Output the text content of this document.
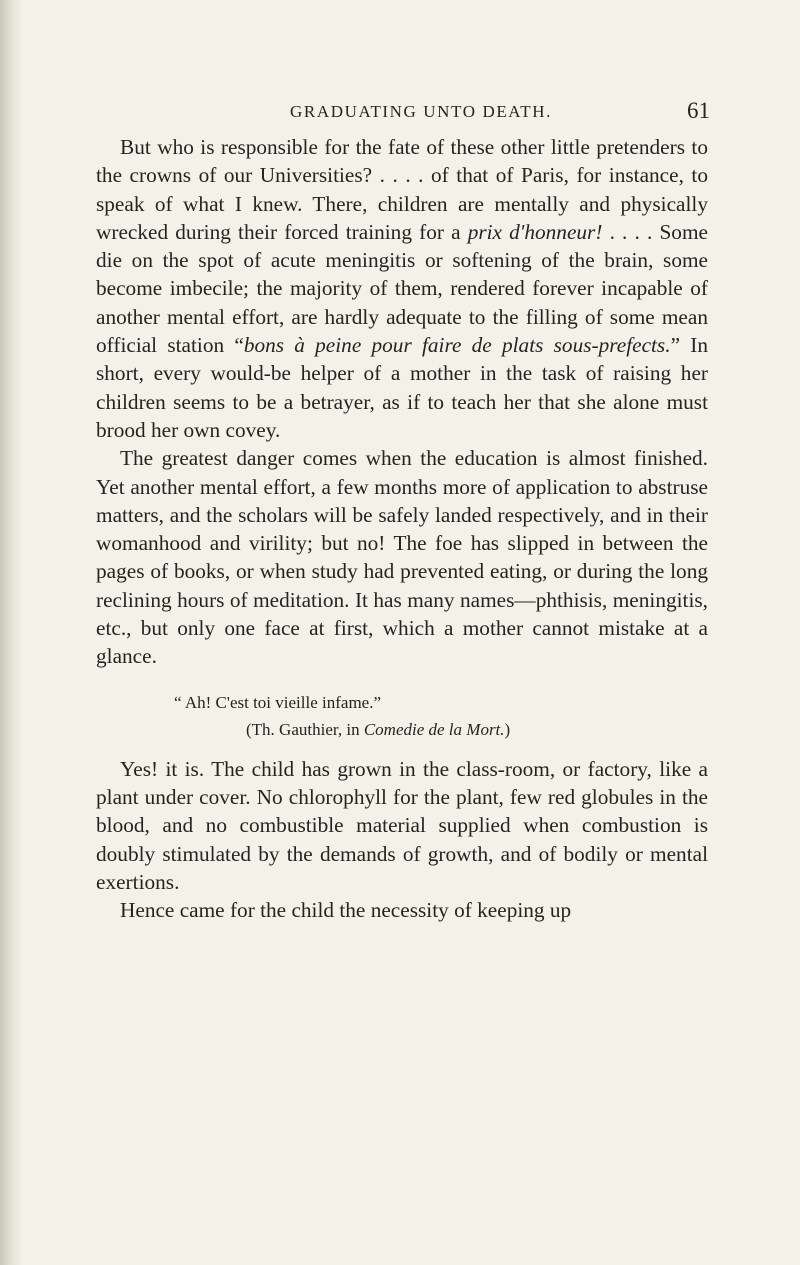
GRADUATING UNTO DEATH.	61

But who is responsible for the fate of these other little pretenders to the crowns of our Universities? . . . . of that of Paris, for instance, to speak of what I knew. There, children are mentally and physically wrecked during their forced training for a prix d'honneur! . . . . Some die on the spot of acute meningitis or softening of the brain, some become imbecile; the majority of them, rendered forever incapable of another mental effort, are hardly adequate to the filling of some mean official station “bons à peine pour faire de plats sous-prefects.” In short, every would-be helper of a mother in the task of raising her children seems to be a betrayer, as if to teach her that she alone must brood her own covey.

The greatest danger comes when the education is almost finished. Yet another mental effort, a few months more of application to abstruse matters, and the scholars will be safely landed respectively, and in their womanhood and virility; but no! The foe has slipped in between the pages of books, or when study had prevented eating, or during the long reclining hours of meditation. It has many names—phthisis, meningitis, etc., but only one face at first, which a mother cannot mistake at a glance.

“ Ah! C'est toi vieille infame.”
(Th. Gauthier, in Comedie de la Mort.)

Yes! it is. The child has grown in the class-room, or factory, like a plant under cover. No chlorophyll for the plant, few red globules in the blood, and no combustible material supplied when combustion is doubly stimulated by the demands of growth, and of bodily or mental exertions.

Hence came for the child the necessity of keeping up
